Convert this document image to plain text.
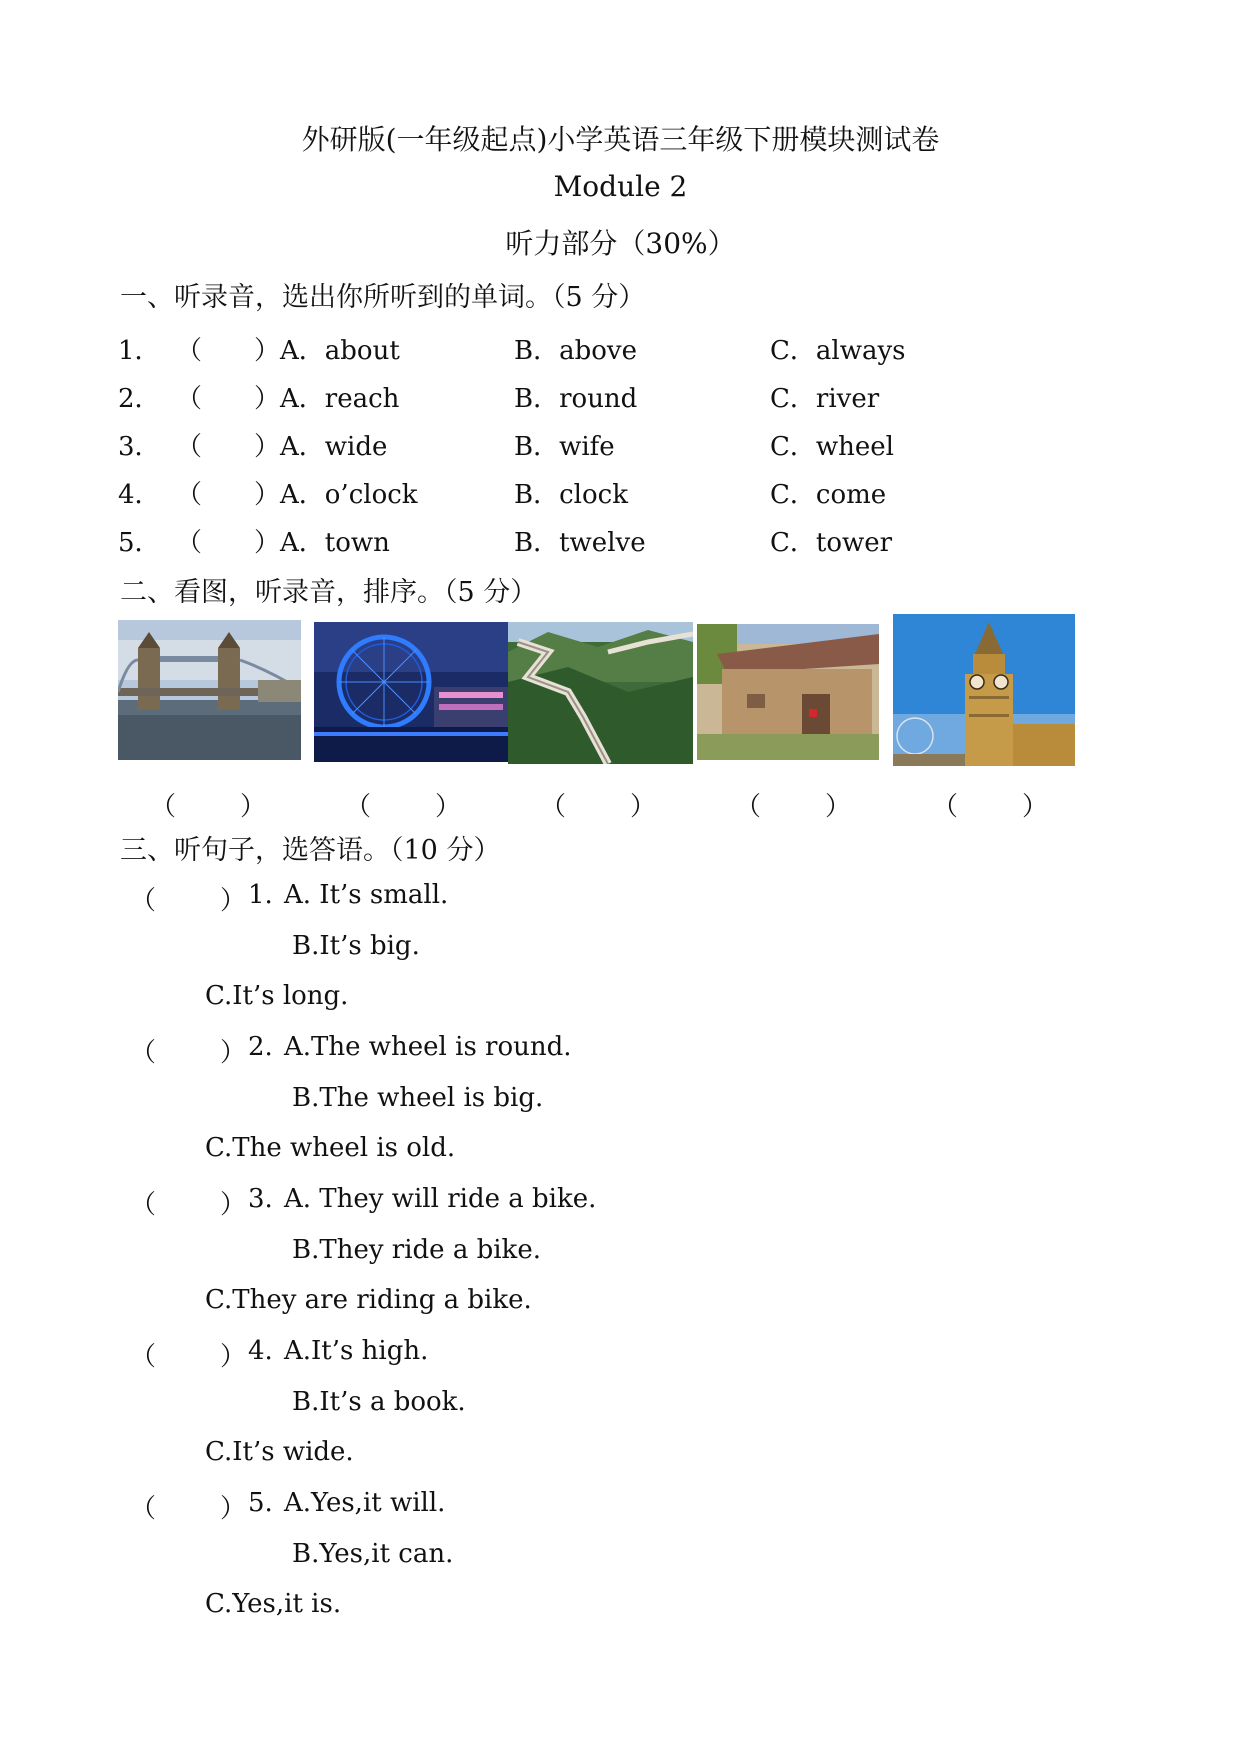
外研版(一年级起点)小学英语三年级下册模块测试卷
Module 2
听力部分（30%）
一、听录音，选出你所听到的单词。（5 分）
1． （ ） A．about	B．above	C．always
2． （ ） A．reach	B．round	C．river
3． （ ） A．wide	B．wife	C．wheel
4． （ ） A．o’clock	B．clock	C．come
5． （ ） A．town	B．twelve	C．tower
二、看图，听录音，排序。（5 分）
（ ）	（ ）	（ ）	（ ）	（ ）
三、听句子，选答语。（10 分）
（ ） 1. A. It’s small.
B.It’s big.
C.It’s long.
（ ） 2. A.The wheel is round.
B.The wheel is big.
C.The wheel is old.
（ ） 3. A. They will ride a bike.
B.They ride a bike.
C.They are riding a bike.
（ ） 4. A.It’s high.
B.It’s a book.
C.It’s wide.
（ ） 5. A.Yes,it will.
B.Yes,it can.
C.Yes,it is.
